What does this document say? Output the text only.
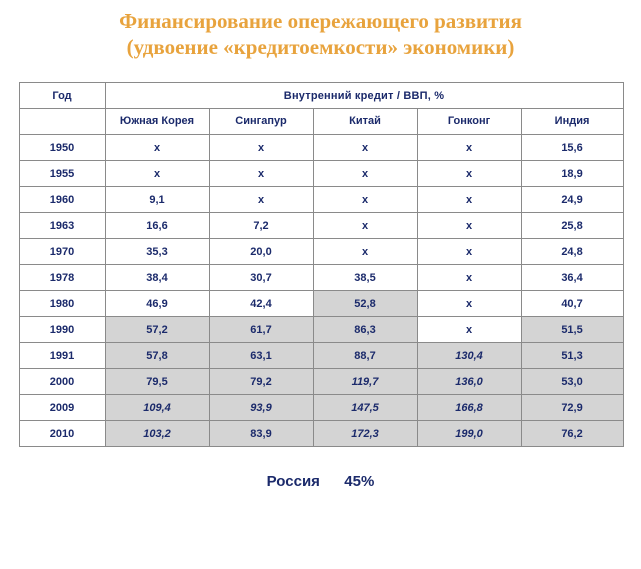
Финансирование опережающего развития
(удвоение «кредитоемкости» экономики)
Год	Внутренний кредит / ВВП, %				
	Южная Корея	Сингапур	Китай	Гонконг	Индия
1950	x	x	x	x	15,6
1955	x	x	x	x	18,9
1960	9,1	x	x	x	24,9
1963	16,6	7,2	x	x	25,8
1970	35,3	20,0	x	x	24,8
1978	38,4	30,7	38,5	x	36,4
1980	46,9	42,4	52,8	x	40,7
1990	57,2	61,7	86,3	x	51,5
1991	57,8	63,1	88,7	130,4	51,3
2000	79,5	79,2	119,7	136,0	53,0
2009	109,4	93,9	147,5	166,8	72,9
2010	103,2	83,9	172,3	199,0	76,2
Россия 45%
